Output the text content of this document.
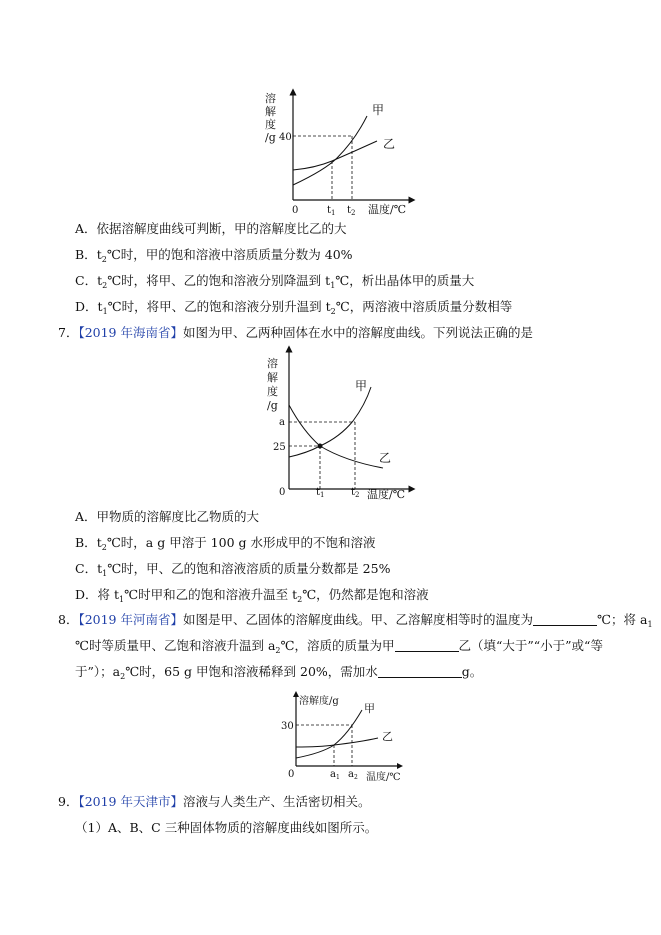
溶
解
度
/g 40
甲
乙
0	$t_1$ $t_2$ 温度/℃
A．依据溶解度曲线可判断，甲的溶解度比乙的大
B．$t_2℃$时，甲的饱和溶液中溶质质量分数为 40%
C．$t_2℃$时，将甲、乙的饱和溶液分别降温到 $t_1℃$，析出晶体甲的质量大
D．$t_1℃$时，将甲、乙的饱和溶液分别升温到 $t_2℃$，两溶液中溶质质量分数相等
7．【2019 年海南省】如图为甲、乙两种固体在水中的溶解度曲线。下列说法正确的是
溶
解
度
/g
a
25
甲
乙
0	$t_1$	$t_2$ 温度/℃
A．甲物质的溶解度比乙物质的大
B．$t_2℃$时，a g 甲溶于 100 g 水形成甲的不饱和溶液
C．$t_1℃$时，甲、乙的饱和溶液溶质的质量分数都是 25%
D．将 $t_1℃$时甲和乙的饱和溶液升温至 $t_2℃$，仍然都是饱和溶液
8．【2019 年河南省】如图是甲、乙固体的溶解度曲线。甲、乙溶解度相等时的温度为	℃；将 $a_1$
℃时等质量甲、乙饱和溶液升温到 $a_2℃$，溶质的质量为甲	乙（填“大于”“小于”或“等
于”）；$a_2℃$时，65 g 甲饱和溶液稀释到 20%，需加水	g。
溶解度/g
30
甲
乙
0	$a_1$ $a_2$ 温度/℃
9．【2019 年天津市】溶液与人类生产、生活密切相关。
（1）A、B、C 三种固体物质的溶解度曲线如图所示。
